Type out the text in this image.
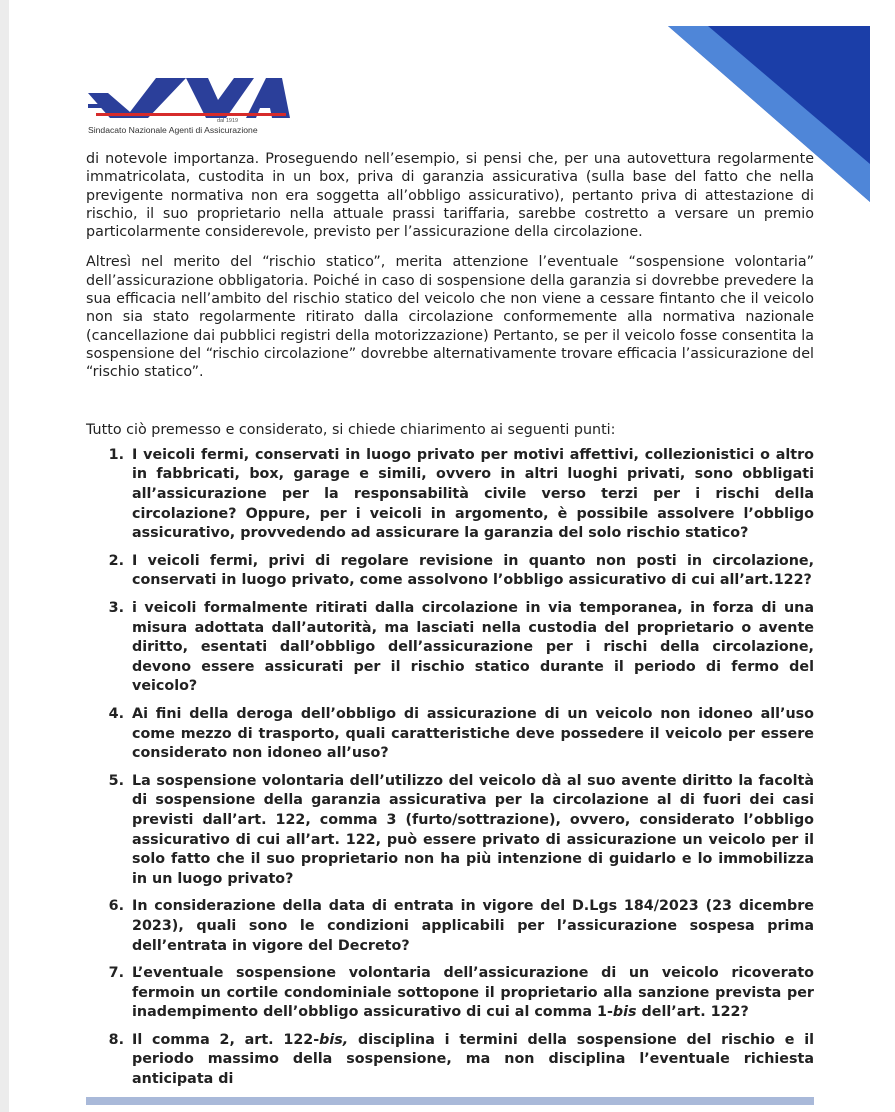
dal 1919
Sindacato Nazionale Agenti di Assicurazione

di notevole importanza. Proseguendo nell’esempio, si pensi che, per una autovettura regolarmente immatricolata, custodita in un box, priva di garanzia assicurativa (sulla base del fatto che nella previgente normativa non era soggetta all’obbligo assicurativo), pertanto priva di attestazione di rischio, il suo proprietario nella attuale prassi tariffaria, sarebbe costretto a versare un premio particolarmente considerevole, previsto per l’assicurazione della circolazione.

Altresì nel merito del “rischio statico”, merita attenzione l’eventuale “sospensione volontaria” dell’assicurazione obbligatoria. Poiché in caso di sospensione della garanzia si dovrebbe prevedere la sua efficacia nell’ambito del rischio statico del veicolo che non viene a cessare fintanto che il veicolo non sia stato regolarmente ritirato dalla circolazione conformemente alla normativa nazionale (cancellazione dai pubblici registri della motorizzazione) Pertanto, se per il veicolo fosse consentita la sospensione del “rischio circolazione” dovrebbe alternativamente trovare efficacia l’assicurazione del “rischio statico”.

Tutto ciò premesso e considerato, si chiede chiarimento ai seguenti punti:

1. I veicoli fermi, conservati in luogo privato per motivi affettivi, collezionistici o altro in fabbricati, box, garage e simili, ovvero in altri luoghi privati, sono obbligati all’assicurazione per la responsabilità civile verso terzi per i rischi della circolazione? Oppure, per i veicoli in argomento, è possibile assolvere l’obbligo assicurativo, provvedendo ad assicurare la garanzia del solo rischio statico?
2. I veicoli fermi, privi di regolare revisione in quanto non posti in circolazione, conservati in luogo privato, come assolvono l’obbligo assicurativo di cui all’art.122?
3. i veicoli formalmente ritirati dalla circolazione in via temporanea, in forza di una misura adottata dall’autorità, ma lasciati nella custodia del proprietario o avente diritto, esentati dall’obbligo dell’assicurazione per i rischi della circolazione, devono essere assicurati per il rischio statico durante il periodo di fermo del veicolo?
4. Ai fini della deroga dell’obbligo di assicurazione di un veicolo non idoneo all’uso come mezzo di trasporto, quali caratteristiche deve possedere il veicolo per essere considerato non idoneo all’uso?
5. La sospensione volontaria dell’utilizzo del veicolo dà al suo avente diritto la facoltà di sospensione della garanzia assicurativa per la circolazione al di fuori dei casi previsti dall’art. 122, comma 3 (furto/sottrazione), ovvero, considerato l’obbligo assicurativo di cui all’art. 122, può essere privato di assicurazione un veicolo per il solo fatto che il suo proprietario non ha più intenzione di guidarlo e lo immobilizza in un luogo privato?
6. In considerazione della data di entrata in vigore del D.Lgs 184/2023 (23 dicembre 2023), quali sono le condizioni applicabili per l’assicurazione sospesa prima dell’entrata in vigore del Decreto?
7. L’eventuale sospensione volontaria dell’assicurazione di un veicolo ricoverato fermoin un cortile condominiale sottopone il proprietario alla sanzione prevista per inadempimento dell’obbligo assicurativo di cui al comma 1-bis dell’art. 122?
8. Il comma 2, art. 122-bis, disciplina i termini della sospensione del rischio e il periodo massimo della sospensione, ma non disciplina l’eventuale richiesta anticipata di
